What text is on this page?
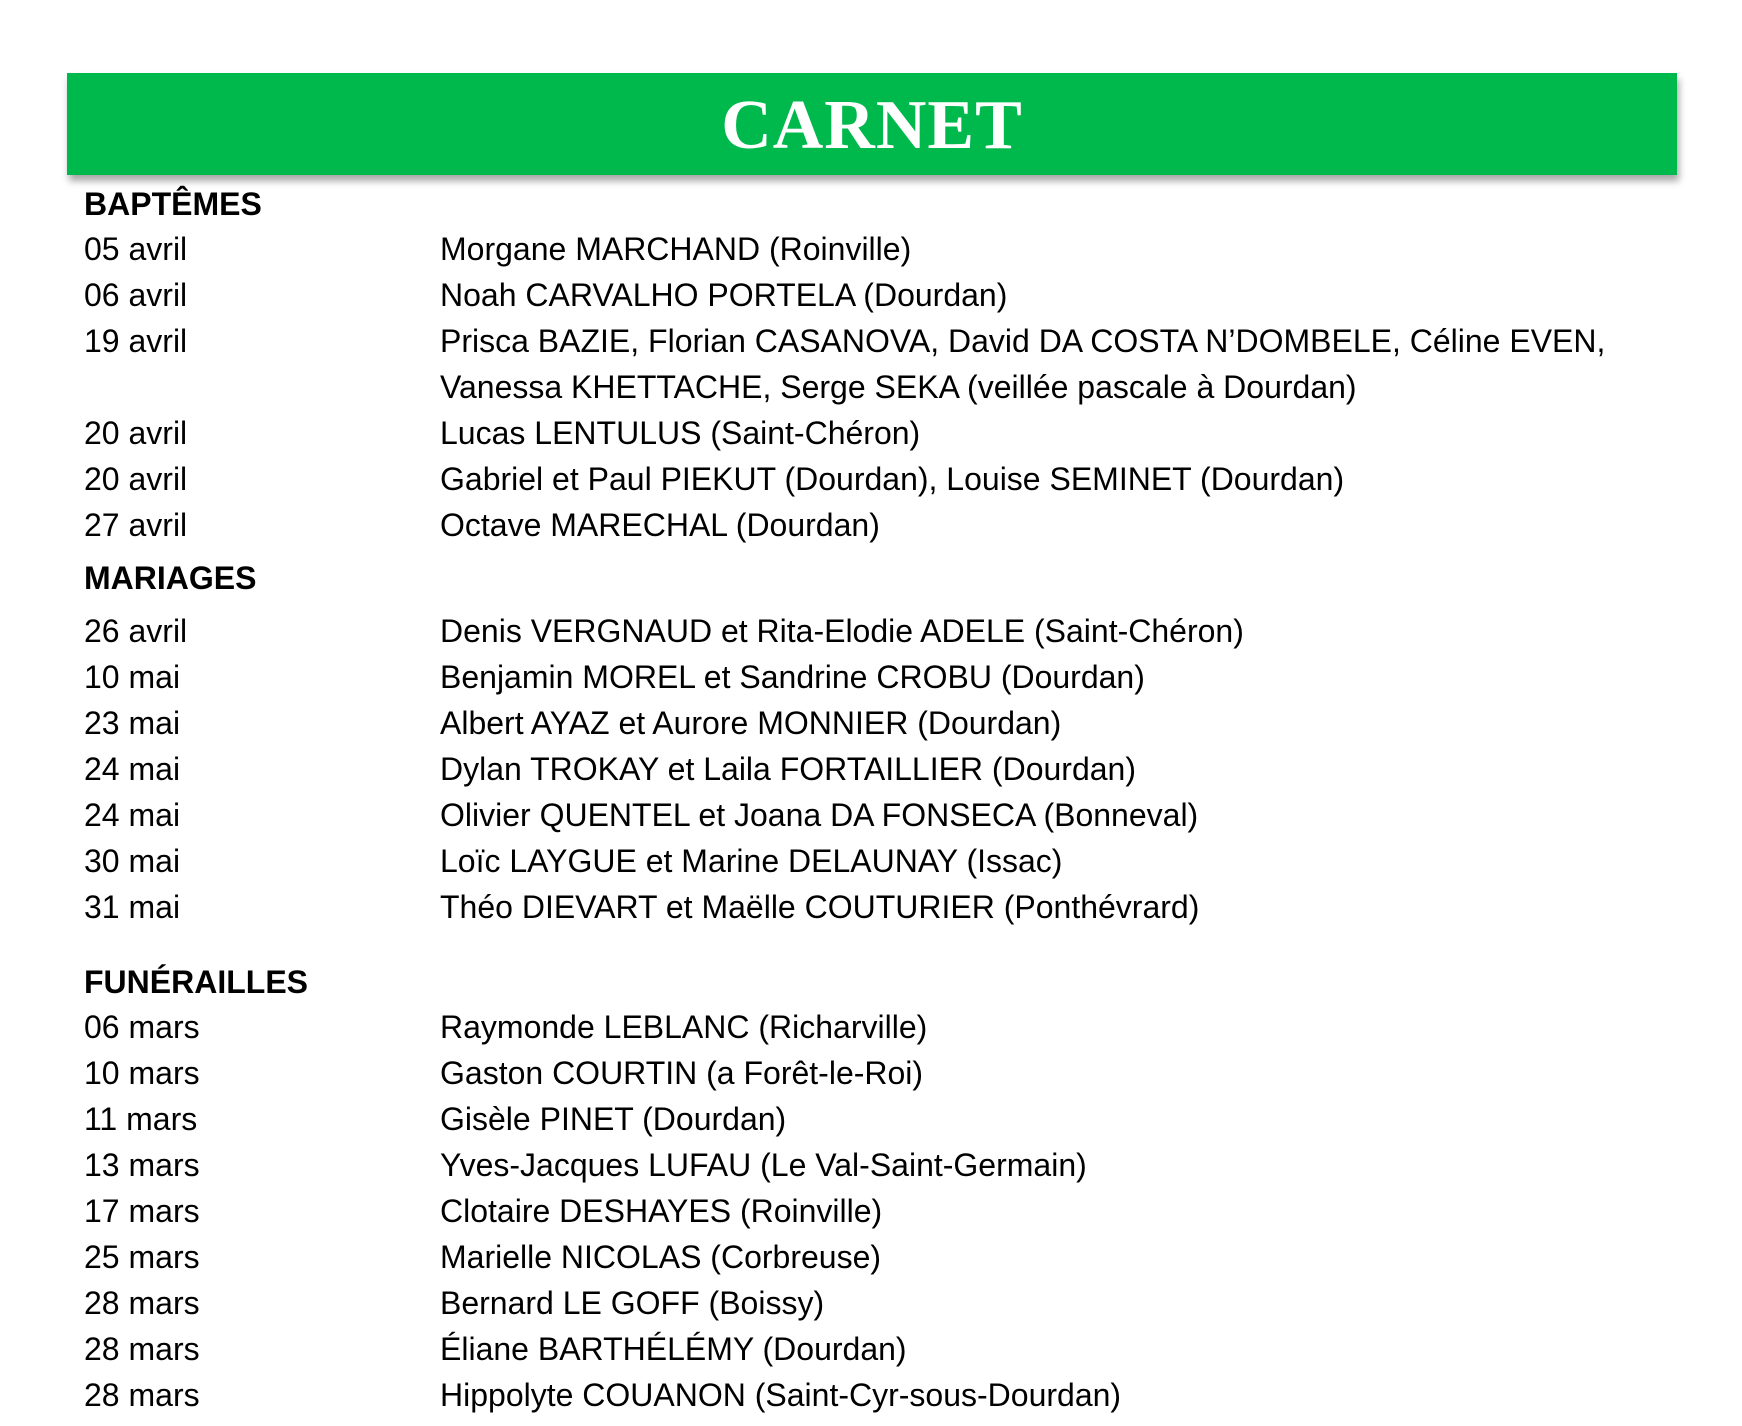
CARNET
BAPTÊMES
05 avril	Morgane MARCHAND (Roinville)
06 avril	Noah CARVALHO PORTELA (Dourdan)
19 avril	Prisca BAZIE, Florian CASANOVA, David DA COSTA N’DOMBELE, Céline EVEN, Vanessa KHETTACHE, Serge SEKA (veillée pascale à Dourdan)
20 avril	Lucas LENTULUS (Saint-Chéron)
20 avril	Gabriel et Paul PIEKUT (Dourdan), Louise SEMINET (Dourdan)
27 avril	Octave MARECHAL (Dourdan)
MARIAGES
26 avril	Denis VERGNAUD et Rita-Elodie ADELE (Saint-Chéron)
10 mai	Benjamin MOREL et Sandrine CROBU (Dourdan)
23 mai	Albert AYAZ et Aurore MONNIER (Dourdan)
24 mai	Dylan TROKAY et Laila FORTAILLIER (Dourdan)
24 mai	Olivier QUENTEL et Joana DA FONSECA (Bonneval)
30 mai	Loïc LAYGUE et Marine DELAUNAY (Issac)
31 mai	Théo DIEVART et Maëlle COUTURIER (Ponthévrard)
FUNÉRAILLES
06 mars	Raymonde LEBLANC (Richarville)
10 mars	Gaston COURTIN (a Forêt-le-Roi)
11 mars	Gisèle PINET (Dourdan)
13 mars	Yves-Jacques LUFAU (Le Val-Saint-Germain)
17 mars	Clotaire DESHAYES (Roinville)
25 mars	Marielle NICOLAS (Corbreuse)
28 mars	Bernard LE GOFF (Boissy)
28 mars	Éliane BARTHÉLÉMY (Dourdan)
28 mars	Hippolyte COUANON (Saint-Cyr-sous-Dourdan)
